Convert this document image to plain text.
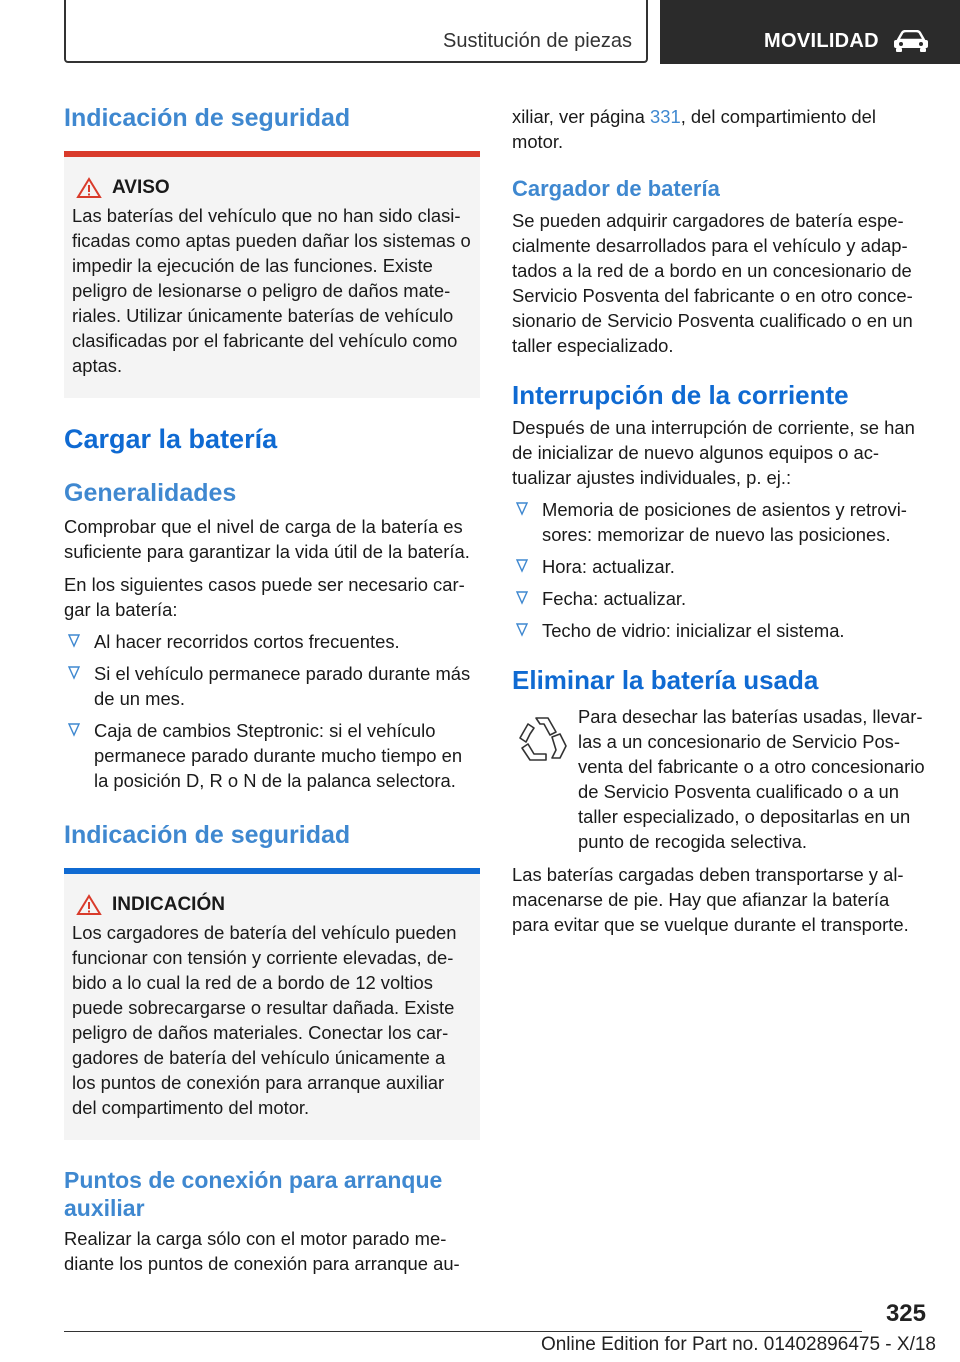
Sustitución de piezas	MOVILIDAD
Indicación de seguridad
AVISO

Las baterías del vehículo que no han sido clasificadas como aptas pueden dañar los sistemas o impedir la ejecución de las funciones. Existe peligro de lesionarse o peligro de daños materiales. Utilizar únicamente baterías de vehículo clasificadas por el fabricante del vehículo como aptas.

Cargar la batería
Generalidades

Comprobar que el nivel de carga de la batería es suficiente para garantizar la vida útil de la batería.

En los siguientes casos puede ser necesario cargar la batería:

Al hacer recorridos cortos frecuentes.
Si el vehículo permanece parado durante más de un mes.
Caja de cambios Steptronic: si el vehículo permanece parado durante mucho tiempo en la posición D, R o N de la palanca selectora.
Indicación de seguridad
INDICACIÓN

Los cargadores de batería del vehículo pueden funcionar con tensión y corriente elevadas, debido a lo cual la red de a bordo de 12 voltios puede sobrecargarse o resultar dañada. Existe peligro de daños materiales. Conectar los cargadores de batería del vehículo únicamente a los puntos de conexión para arranque auxiliar del compartimento del motor.

Puntos de conexión para arranque auxiliar

Realizar la carga sólo con el motor parado mediante los puntos de conexión para arranque au-

xiliar, ver página 331, del compartimiento del motor.

Cargador de batería

Se pueden adquirir cargadores de batería especialmente desarrollados para el vehículo y adaptados a la red de a bordo en un concesionario de Servicio Posventa del fabricante o en otro concesionario de Servicio Posventa cualificado o en un taller especializado.

Interrupción de la corriente

Después de una interrupción de corriente, se han de inicializar de nuevo algunos equipos o actualizar ajustes individuales, p. ej.:

Memoria de posiciones de asientos y retrovisores: memorizar de nuevo las posiciones.
Hora: actualizar.
Fecha: actualizar.
Techo de vidrio: inicializar el sistema.
Eliminar la batería usada

Para desechar las baterías usadas, llevarlas a un concesionario de Servicio Posventa del fabricante o a otro concesionario de Servicio Posventa cualificado o a un taller especializado, o depositarlas en un punto de recogida selectiva.

Las baterías cargadas deben transportarse y almacenarse de pie. Hay que afianzar la batería para evitar que se vuelque durante el transporte.

325
Online Edition for Part no. 01402896475 - X/18
